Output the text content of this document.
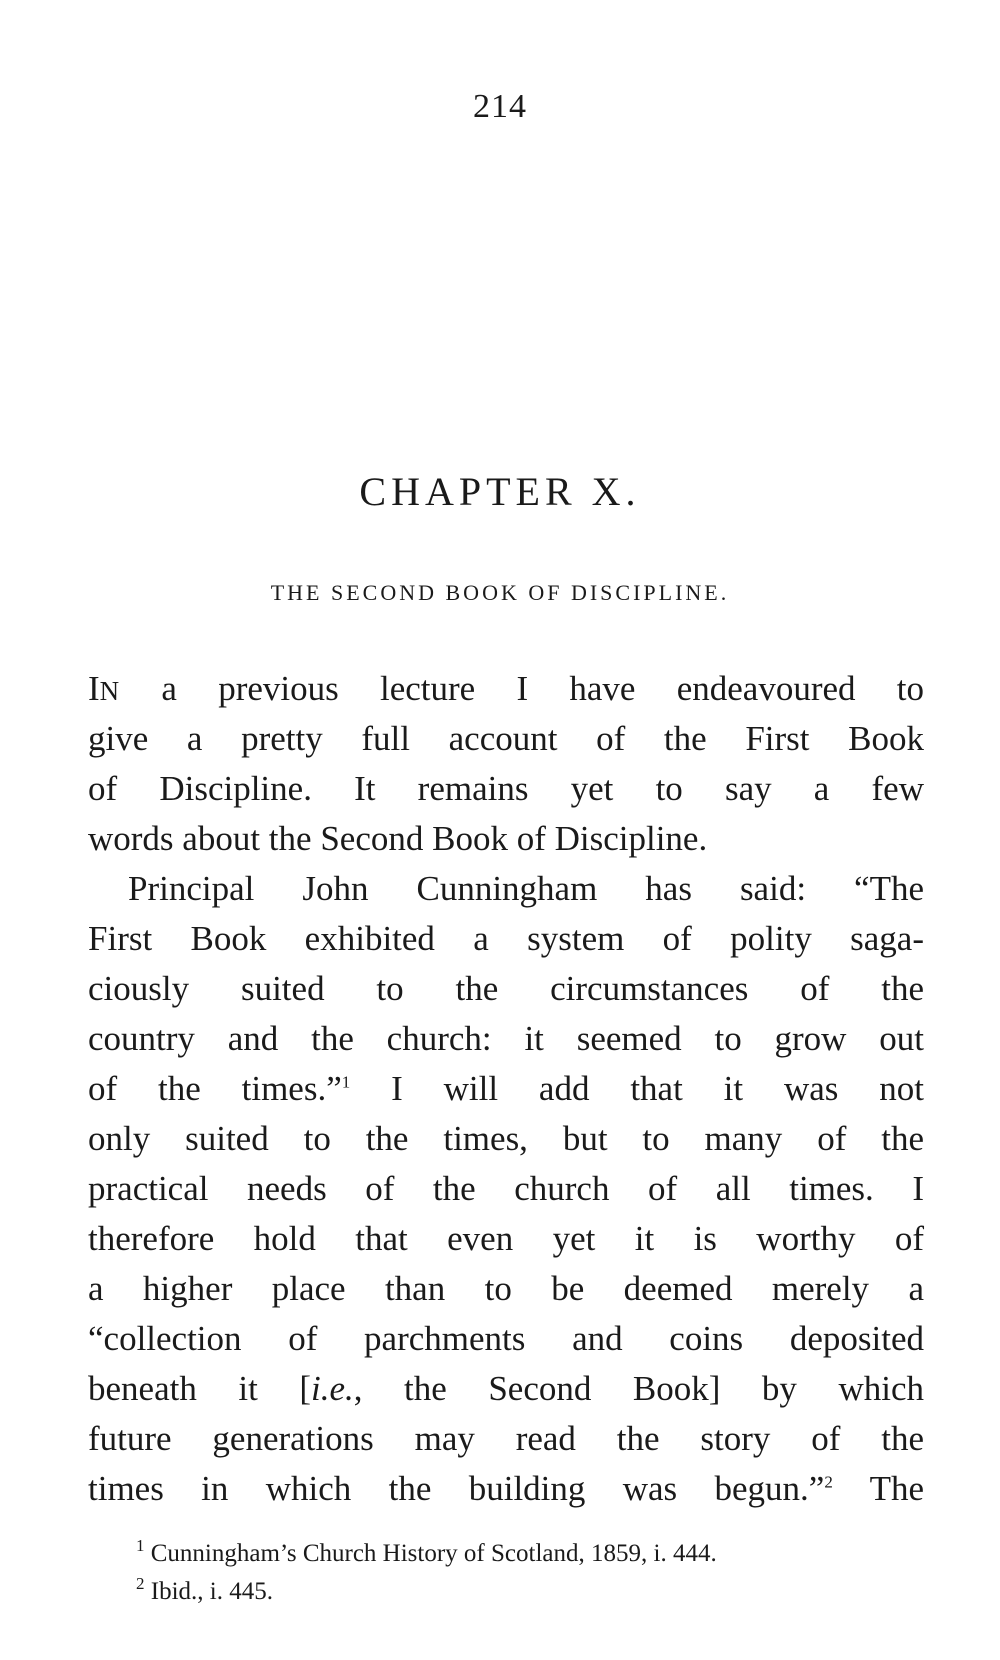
214
CHAPTER X.
THE SECOND BOOK OF DISCIPLINE.
IN a previous lecture I have endeavoured to
give a pretty full account of the First Book
of Discipline. It remains yet to say a few
words about the Second Book of Discipline.
Principal John Cunningham has said: “The
First Book exhibited a system of polity saga-
ciously suited to the circumstances of the
country and the church: it seemed to grow out
of the times.”$^1$ I will add that it was not
only suited to the times, but to many of the
practical needs of the church of all times. I
therefore hold that even yet it is worthy of
a higher place than to be deemed merely a
“collection of parchments and coins deposited
beneath it [i.e., the Second Book] by which
future generations may read the story of the
times in which the building was begun.”$^2$ The
$^1$ Cunningham’s Church History of Scotland, 1859, i. 444.
$^2$ Ibid., i. 445.
